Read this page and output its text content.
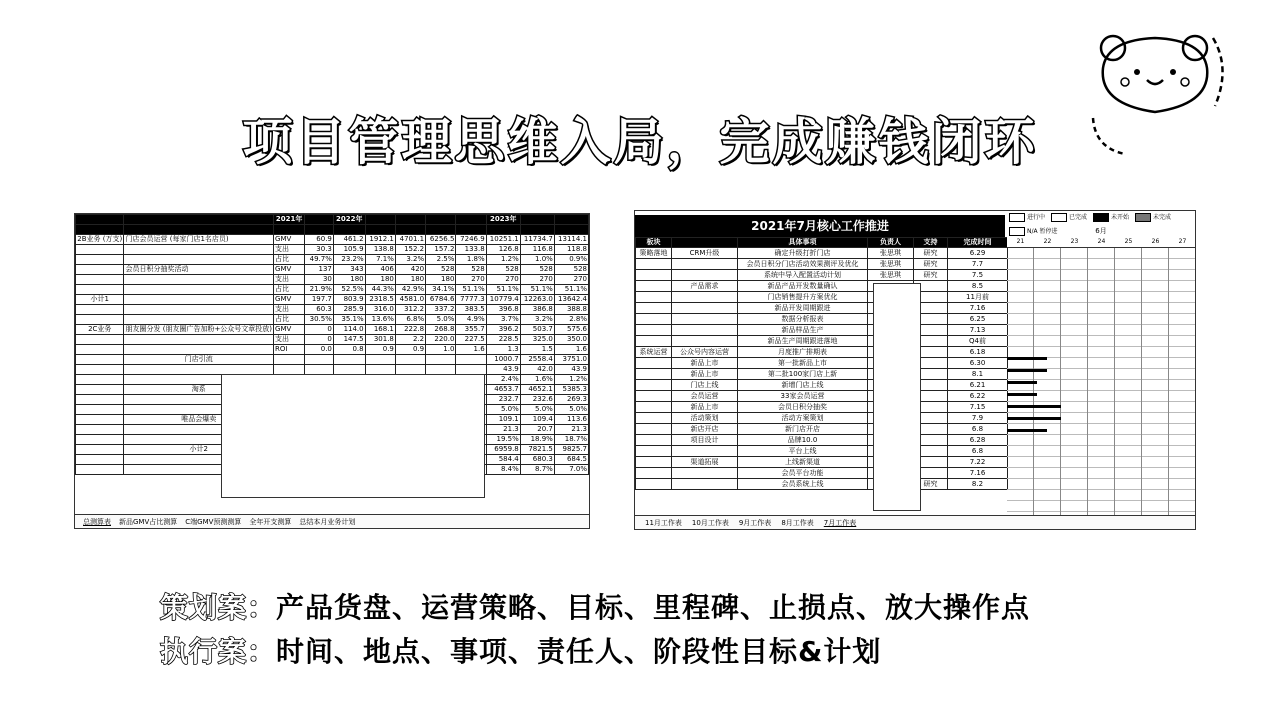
项目管理思维入局，完成赚钱闭环
		2021年		2022年					2023年		

2B业务 (万支)	门店会员运营 (每家门店1名店员)	GMV	60.9	461.2	1912.1	4701.1	6256.5	7246.9	10251.1	11734.7	13114.1
		支出	30.3	105.9	138.8	152.2	157.2	133.8	126.8	116.8	118.8
		占比	49.7%	23.2%	7.1%	3.2%	2.5%	1.8%	1.2%	1.0%	0.9%
	会员日积分抽奖活动	GMV	137	343	406	420	528	528	528	528	528
		支出	30	180	180	180	180	270	270	270	270
		占比	21.9%	52.5%	44.3%	42.9%	34.1%	51.1%	51.1%	51.1%	51.1%
小计1		GMV	197.7	803.9	2318.5	4581.0	6784.6	7777.3	10779.4	12263.0	13642.4
		支出	60.3	285.9	316.0	312.2	337.2	383.5	396.8	386.8	388.8
		占比	30.5%	35.1%	13.6%	6.8%	5.0%	4.9%	3.7%	3.2%	2.8%
2C业务	朋友圈分发 (朋友圈广告加粉+公众号文章投放)	GMV	0	114.0	168.1	222.8	268.8	355.7	396.2	503.7	575.6
		支出	0	147.5	301.8	2.2	220.0	227.5	228.5	325.0	350.0
		ROI	0.0	0.8	0.9	0.9	1.0	1.6	1.3	1.5	1.6
	门店引流								1000.7	2558.4	3751.0
									43.9	42.0	43.9
									2.4%	1.6%	1.2%
	淘系								4653.7	4652.1	5385.3
									232.7	232.6	269.3
									5.0%	5.0%	5.0%
	唯品会爆卖								109.1	109.4	113.6
									21.3	20.7	21.3
									19.5%	18.9%	18.7%
	小计2								6959.8	7821.5	9825.7
									584.4	680.3	684.5
									8.4%	8.7%	7.0%
总测算表 新品GMV占比测算 C端GMV预测测算 全年开支测算 总结本月业务计划
2021年7月核心工作推进
进行中	已完成	未开始	未完成N/A 暂停进	6月
板块		具体事项	负责人	支持	完成时间
策略落地	CRM升级	确定升级打折门店	张思琪	研究	6.29
		会员日积分门店活动效果测评及优化	张思琪	研究	7.7
		系统中导入配置活动计划	张思琪	研究	7.5
	产品需求	新品产品开发数量确认			8.5
		门店销售提升方案优化			11月前
		新品开发周期跟进			7.16
		数据分析报表			6.25
		新品样品生产			7.13
		新品生产周期跟进落地			Q4前
系统运营	公众号内容运营	月度推广排期表			6.18
	新品上市	第一批新品上市			6.30
	新品上市	第二批100家门店上新			8.1
	门店上线	新增门店上线			6.21
	会员运营	33家会员运营			6.22
	新品上市	会员日积分抽奖			7.15
	活动策划	活动方案策划			7.9
	新店开店	新门店开店			6.8
	项目设计	品牌10.0			6.28
		平台上线			6.8
	渠道拓展	上线新渠道			7.22
		会员平台功能			7.16
		会员系统上线		研究	8.2
21	22	23	24	25	26	27
11月工作表 10月工作表 9月工作表 8月工作表 7月工作表
策划案：产品货盘、运营策略、目标、里程碑、止损点、放大操作点
执行案：时间、地点、事项、责任人、阶段性目标&计划
